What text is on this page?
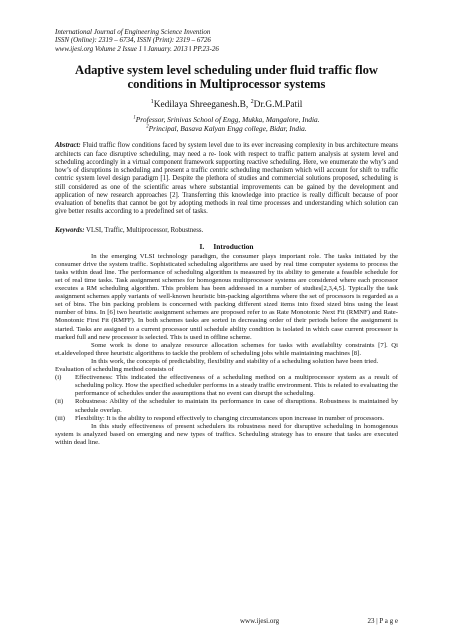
International Journal of Engineering Science Invention
ISSN (Online): 2319 – 6734, ISSN (Print): 2319 – 6726
www.ijesi.org Volume 2 Issue 1 ǁ January. 2013 ǁ PP.23-26
Adaptive system level scheduling under fluid traffic flow
conditions in Multiprocessor systems
$^1$Kedilaya Shreeganesh.B, $^2$Dr.G.M.Patil
$^1$Professor, Srinivas School of Engg, Mukka, Mangalore, India.
$^2$Principal, Basava Kalyan Engg college, Bidar, India.
Abstract: Fluid traffic flow conditions faced by system level due to its ever increasing complexity in bus architecture means architects can face disruptive scheduling, may need a re- look with respect to traffic pattern analysis at system level and scheduling accordingly in a virtual component framework supporting reactive scheduling. Here, we enumerate the why’s and how’s of disruptions in scheduling and present a traffic centric scheduling mechanism which will account for shift to traffic centric system level design paradigm [1]. Despite the plethora of studies and commercial solutions proposed, scheduling is still considered as one of the scientific areas where substantial improvements can be gained by the development and application of new research approaches [2]. Transferring this knowledge into practice is really difficult because of poor evaluation of benefits that cannot be got by adopting methods in real time processes and understanding which solution can give better results according to a predefined set of tasks.
Keywords: VLSI, Traffic, Multiprocessor, Robustness.
I. Introduction

In the emerging VLSI technology paradigm, the consumer plays important role. The tasks initiated by the consumer drive the system traffic. Sophisticated scheduling algorithms are used by real time computer systems to process the tasks within dead line. The performance of scheduling algorithm is measured by its ability to generate a feasible schedule for set of real time tasks. Task assignment schemes for homogenous multiprocessor systems are considered where each processor executes a RM scheduling algorithm. This problem has been addressed in a number of studies[2,3,4,5]. Typically the task assignment schemes apply variants of well-known heuristic bin-packing algorithms where the set of processors is regarded as a set of bins. The bin packing problem is concerned with packing different sized items into fixed sized bins using the least number of bins. In [6] two heuristic assignment schemes are proposed refer to as Rate Monotonic Next Fit (RMNF) and Rate-Monotonic First Fit (RMFF). In both schemes tasks are sorted in decreasing order of their periods before the assignment is started. Tasks are assigned to a current processor until schedule ability condition is isolated in which case current processor is marked full and new processor is selected. This is used in offline scheme.

Some work is done to analyze resource allocation schemes for tasks with availability constraints [7]. Qi et.aldeveloped three heuristic algorithms to tackle the problem of scheduling jobs while maintaining machines [8].

In this work, the concepts of predictability, flexibility and stability of a scheduling solution have been tried.

Evaluation of scheduling method consists of

(i) Effectiveness: This indicated the effectiveness of a scheduling method on a multiprocessor system as a result of scheduling policy. How the specified scheduler performs in a steady traffic environment. This is related to evaluating the performance of schedules under the assumptions that no event can disrupt the scheduling.
(ii) Robustness: Ability of the scheduler to maintain its performance in case of disruptions. Robustness is maintained by schedule overlap.
(iii) Flexibility: It is the ability to respond effectively to changing circumstances upon increase in number of processors.

In this study effectiveness of present schedulers its robustness need for disruptive scheduling in homogenous system is analyzed based on emerging and new types of traffics. Scheduling strategy has to ensure that tasks are executed within dead line.

www.ijesi.org	23 | P a g e
